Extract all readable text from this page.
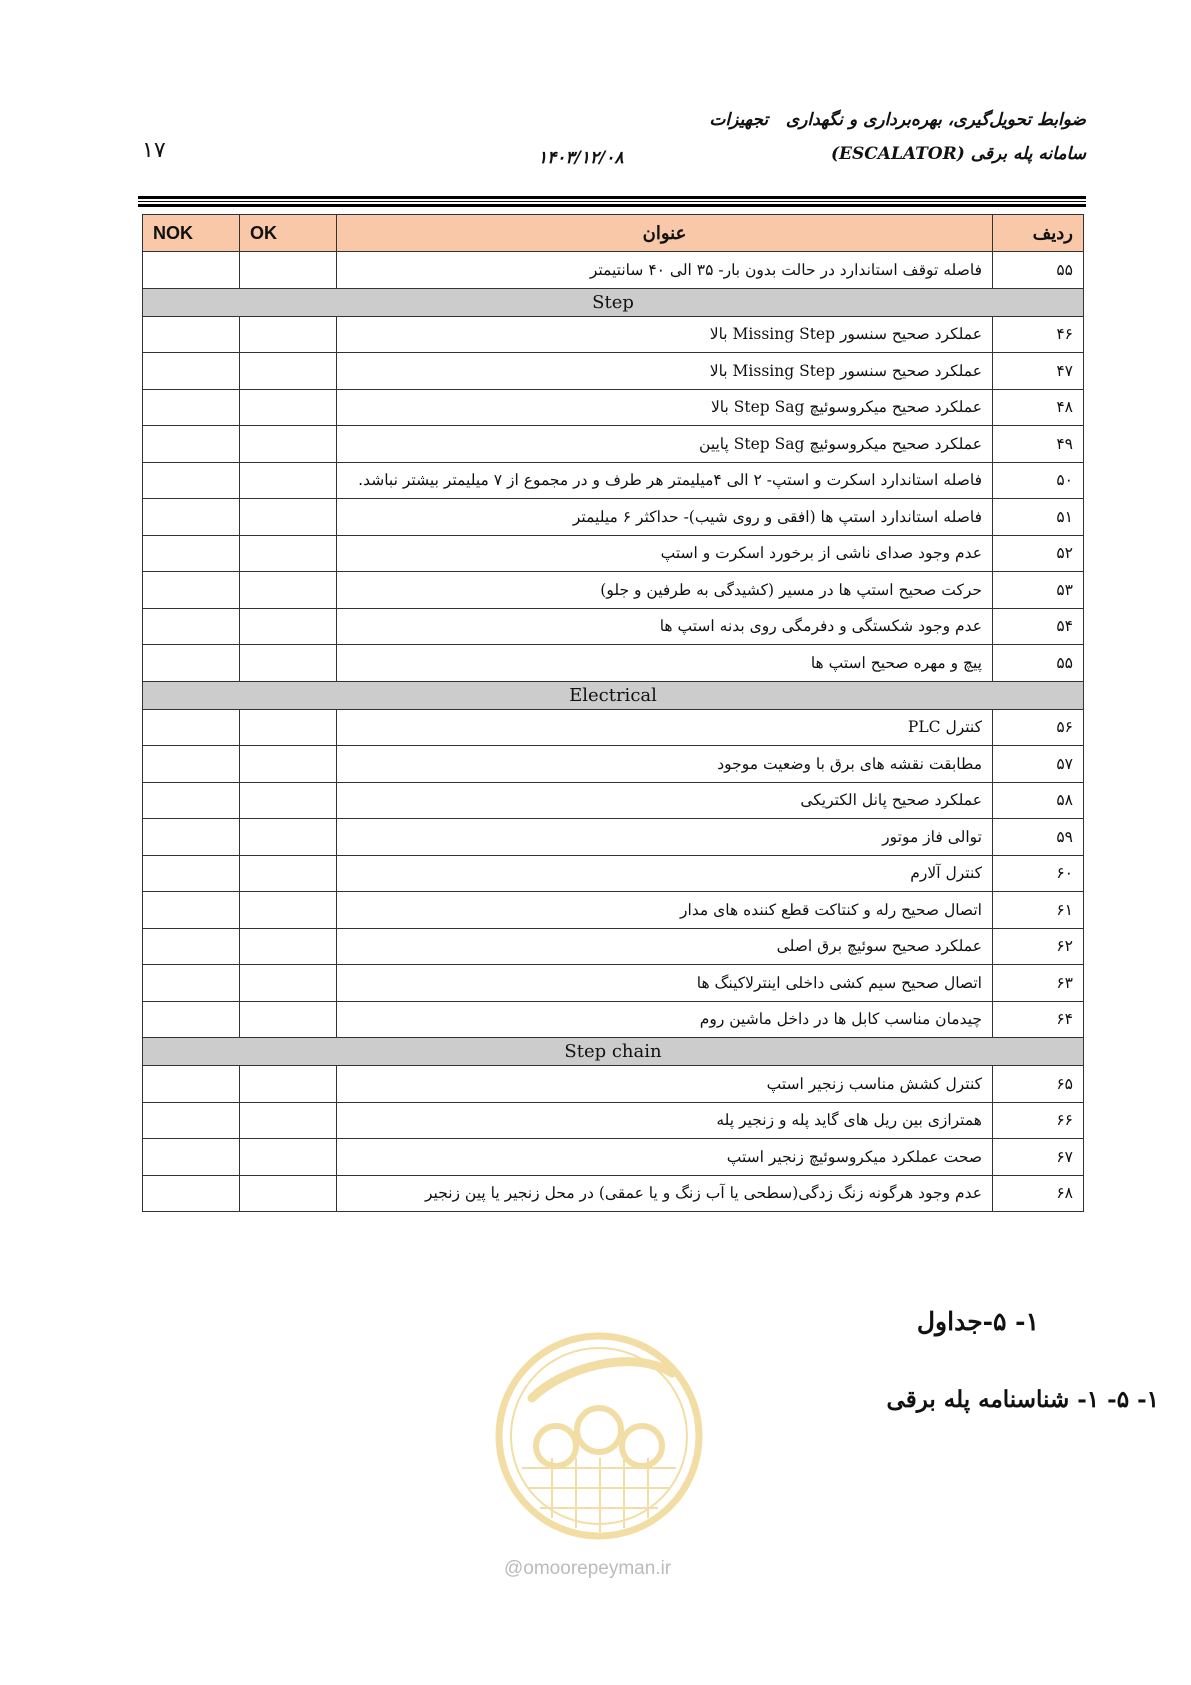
۱۷	۱۴۰۳/۱۲/۰۸
ضوابط تحویل‌گیری، بهره‌برداری و نگهداری   تجهیزات
سامانه پله برقی (ESCALATOR)
ردیف	عنوان	OK	NOK
۵۵	فاصله توقف استاندارد در حالت بدون بار- ۳۵ الی ۴۰ سانتیمتر		
Step			
۴۶	عملکرد صحیح سنسور Missing Step بالا		
۴۷	عملکرد صحیح سنسور Missing Step بالا		
۴۸	عملکرد صحیح میکروسوئیچ Step Sag بالا		
۴۹	عملکرد صحیح میکروسوئیچ Step Sag پایین		
۵۰	فاصله استاندارد اسکرت و استپ- ۲ الی ۴میلیمتر هر طرف و در مجموع از ۷ میلیمتر بیشتر نباشد.		
۵۱	فاصله استاندارد استپ ها (افقی و روی شیب)- حداکثر ۶ میلیمتر		
۵۲	عدم وجود صدای ناشی از برخورد اسکرت و استپ		
۵۳	حرکت صحیح استپ ها در مسیر (کشیدگی به طرفین و جلو)		
۵۴	عدم وجود شکستگی و دفرمگی روی بدنه استپ ها		
۵۵	پیچ و مهره صحیح استپ ها		
Electrical			
۵۶	کنترل PLC		
۵۷	مطابقت نقشه های برق با وضعیت موجود		
۵۸	عملکرد صحیح پانل الکتریکی		
۵۹	توالی فاز موتور		
۶۰	کنترل آلارم		
۶۱	اتصال صحیح رله و کنتاکت قطع کننده های مدار		
۶۲	عملکرد صحیح سوئیچ برق اصلی		
۶۳	اتصال صحیح سیم کشی داخلی اینترلاکینگ ها		
۶۴	چیدمان مناسب کابل ها در داخل ماشین روم		
Step chain			
۶۵	کنترل کشش مناسب زنجیر استپ		
۶۶	همترازی بین ریل های گاید پله و زنجیر پله		
۶۷	صحت عملکرد میکروسوئیچ زنجیر استپ		
۶۸	عدم وجود هرگونه زنگ زدگی(سطحی یا آب زنگ و یا عمقی) در محل زنجیر یا پین زنجیر		
۱- ۵-جداول
۱- ۵- ۱- شناسنامه پله برقی
@omoorepeyman.ir
